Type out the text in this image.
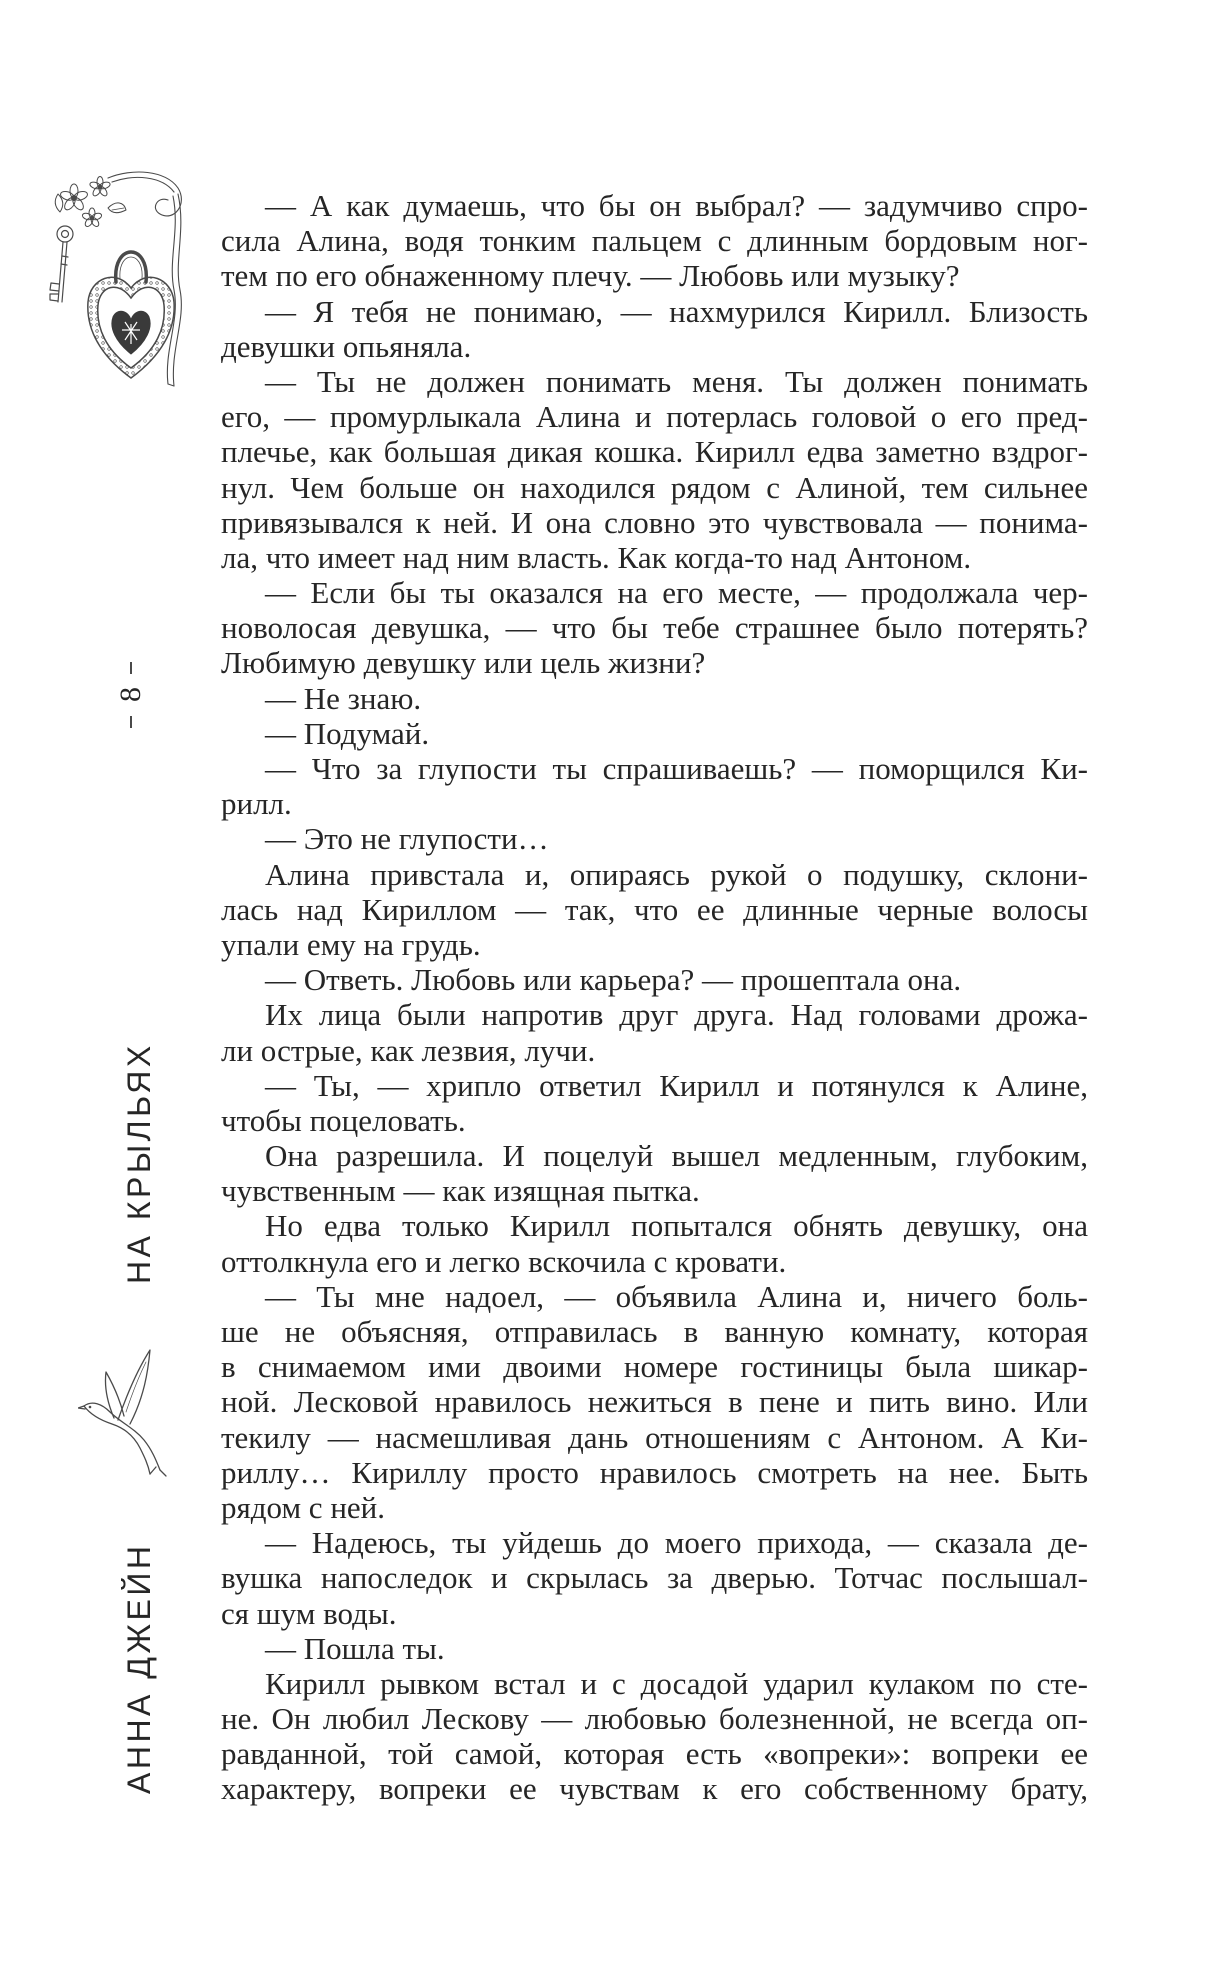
8
НА КРЫЛЬЯХ
АННА ДЖЕЙН
— А как думаешь, что бы он выбрал? — задумчиво спро-
сила Алина, водя тонким пальцем с длинным бордовым ног-
тем по его обнаженному плечу. — Любовь или музыку?
— Я тебя не понимаю, — нахмурился Кирилл. Близость
девушки опьяняла.
— Ты не должен понимать меня. Ты должен понимать
его, — промурлыкала Алина и потерлась головой о его пред-
плечье, как большая дикая кошка. Кирилл едва заметно вздрог-
нул. Чем больше он находился рядом с Алиной, тем сильнее
привязывался к ней. И она словно это чувствовала — понима-
ла, что имеет над ним власть. Как когда-то над Антоном.
— Если бы ты оказался на его месте, — продолжала чер-
новолосая девушка, — что бы тебе страшнее было потерять?
Любимую девушку или цель жизни?
— Не знаю.
— Подумай.
— Что за глупости ты спрашиваешь? — поморщился Ки-
рилл.
— Это не глупости…
Алина привстала и, опираясь рукой о подушку, склони-
лась над Кириллом — так, что ее длинные черные волосы
упали ему на грудь.
— Ответь. Любовь или карьера? — прошептала она.
Их лица были напротив друг друга. Над головами дрожа-
ли острые, как лезвия, лучи.
— Ты, — хрипло ответил Кирилл и потянулся к Алине,
чтобы поцеловать.
Она разрешила. И поцелуй вышел медленным, глубоким,
чувственным — как изящная пытка.
Но едва только Кирилл попытался обнять девушку, она
оттолкнула его и легко вскочила с кровати.
— Ты мне надоел, — объявила Алина и, ничего боль-
ше не объясняя, отправилась в ванную комнату, которая
в снимаемом ими двоими номере гостиницы была шикар-
ной. Лесковой нравилось нежиться в пене и пить вино. Или
текилу — насмешливая дань отношениям с Антоном. А Ки-
риллу… Кириллу просто нравилось смотреть на нее. Быть
рядом с ней.
— Надеюсь, ты уйдешь до моего прихода, — сказала де-
вушка напоследок и скрылась за дверью. Тотчас послышал-
ся шум воды.
— Пошла ты.
Кирилл рывком встал и с досадой ударил кулаком по сте-
не. Он любил Лескову — любовью болезненной, не всегда оп-
равданной, той самой, которая есть «вопреки»: вопреки ее
характеру, вопреки ее чувствам к его собственному брату,
